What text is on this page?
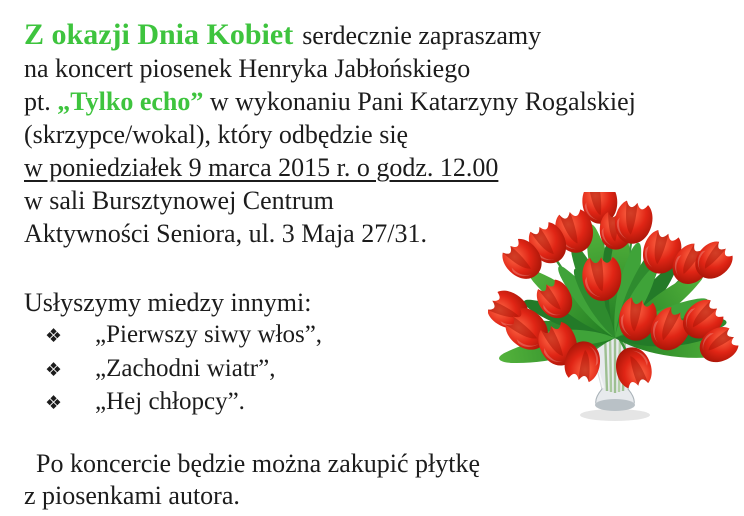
Z okazji Dnia Kobiet serdecznie zapraszamy
na koncert piosenek Henryka Jabłońskiego
pt. „Tylko echo” w wykonaniu Pani Katarzyny Rogalskiej
(skrzypce/wokal), który odbędzie się
w poniedziałek 9 marca 2015 r. o godz. 12.00
w sali Bursztynowej Centrum
Aktywności Seniora, ul. 3 Maja 27/31.
Usłyszymy miedzy innymi:
❖	„Pierwszy siwy włos”,
❖	„Zachodni wiatr”,
❖	„Hej chłopcy”.
Po koncercie będzie można zakupić płytkę
z piosenkami autora.
